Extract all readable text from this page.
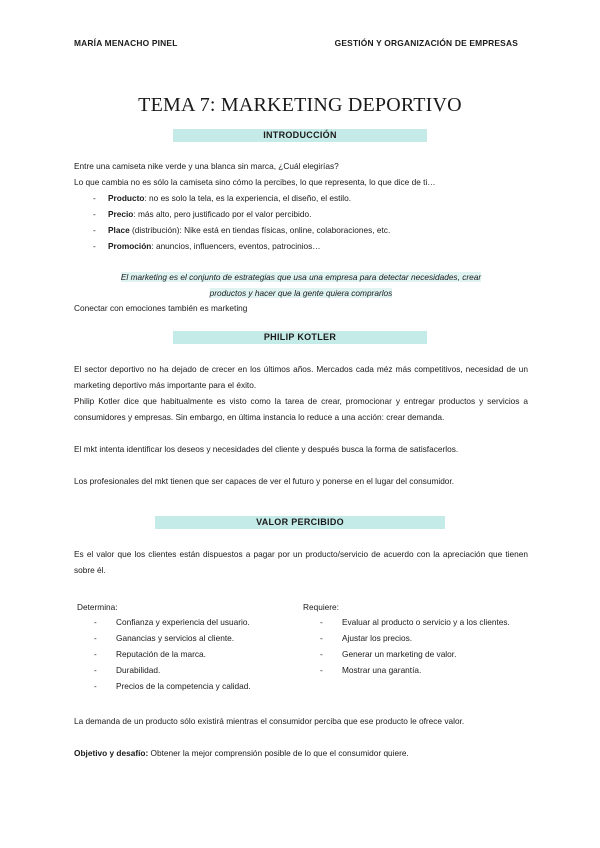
MARÍA MENACHO PINEL	GESTIÓN Y ORGANIZACIÓN DE EMPRESAS
TEMA 7: MARKETING DEPORTIVO
INTRODUCCIÓN
Entre una camiseta nike verde y una blanca sin marca, ¿Cuál elegirías?
Lo que cambia no es sólo la camiseta sino cómo la percibes, lo que representa, lo que dice de ti…
- Producto: no es solo la tela, es la experiencia, el diseño, el estilo.
- Precio: más alto, pero justificado por el valor percibido.
- Place (distribución): Nike está en tiendas físicas, online, colaboraciones, etc.
- Promoción: anuncios, influencers, eventos, patrocinios…
El marketing es el conjunto de estrategias que usa una empresa para detectar necesidades, crear
productos y hacer que la gente quiera comprarlos
Conectar con emociones también es marketing
PHILIP KOTLER
El sector deportivo no ha dejado de crecer en los últimos años. Mercados cada méz más competitivos, necesidad de un marketing deportivo más importante para el éxito.
Philip Kotler dice que habitualmente es visto como la tarea de crear, promocionar y entregar productos y servicios a consumidores y empresas. Sin embargo, en última instancia lo reduce a una acción: crear demanda.
El mkt intenta identificar los deseos y necesidades del cliente y después busca la forma de satisfacerlos.
Los profesionales del mkt tienen que ser capaces de ver el futuro y ponerse en el lugar del consumidor.
VALOR PERCIBIDO
Es el valor que los clientes están dispuestos a pagar por un producto/servicio de acuerdo con la apreciación que tienen sobre él.
Determina:
- Confianza y experiencia del usuario.
- Ganancias y servicios al cliente.
- Reputación de la marca.
- Durabilidad.
- Precios de la competencia y calidad.
Requiere:
- Evaluar al producto o servicio y a los clientes.
- Ajustar los precios.
- Generar un marketing de valor.
- Mostrar una garantía.
La demanda de un producto sólo existirá mientras el consumidor perciba que ese producto le ofrece valor.
Objetivo y desafío: Obtener la mejor comprensión posible de lo que el consumidor quiere.
